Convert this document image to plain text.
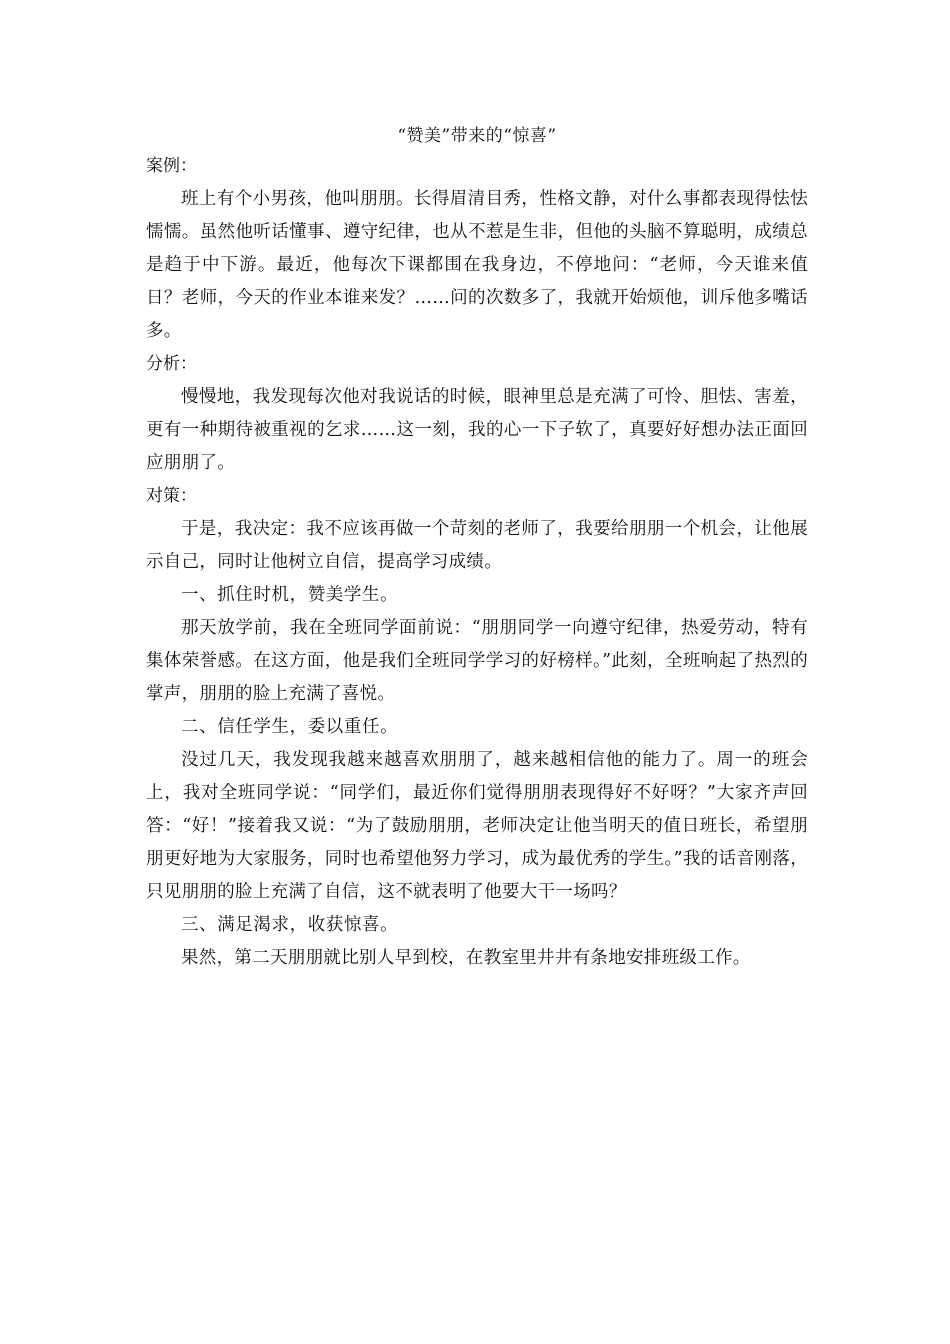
“赞美”带来的“惊喜”

案例：

班上有个小男孩，他叫朋朋。长得眉清目秀，性格文静，对什么事都表现得怯怯懦懦。虽然他听话懂事、遵守纪律，也从不惹是生非，但他的头脑不算聪明，成绩总是趋于中下游。最近，他每次下课都围在我身边，不停地问：“老师，今天谁来值日？老师，今天的作业本谁来发？……问的次数多了，我就开始烦他，训斥他多嘴话多。

分析：

慢慢地，我发现每次他对我说话的时候，眼神里总是充满了可怜、胆怯、害羞，更有一种期待被重视的乞求……这一刻，我的心一下子软了，真要好好想办法正面回应朋朋了。

对策：

于是，我决定：我不应该再做一个苛刻的老师了，我要给朋朋一个机会，让他展示自己，同时让他树立自信，提高学习成绩。

一、抓住时机，赞美学生。

那天放学前，我在全班同学面前说：“朋朋同学一向遵守纪律，热爱劳动，特有集体荣誉感。在这方面，他是我们全班同学学习的好榜样。”此刻，全班响起了热烈的掌声，朋朋的脸上充满了喜悦。

二、信任学生，委以重任。

没过几天，我发现我越来越喜欢朋朋了，越来越相信他的能力了。周一的班会上，我对全班同学说：“同学们，最近你们觉得朋朋表现得好不好呀？”大家齐声回答：“好！”接着我又说：“为了鼓励朋朋，老师决定让他当明天的值日班长，希望朋朋更好地为大家服务，同时也希望他努力学习，成为最优秀的学生。”我的话音刚落，只见朋朋的脸上充满了自信，这不就表明了他要大干一场吗？

三、满足渴求，收获惊喜。

果然，第二天朋朋就比别人早到校，在教室里井井有条地安排班级工作。
